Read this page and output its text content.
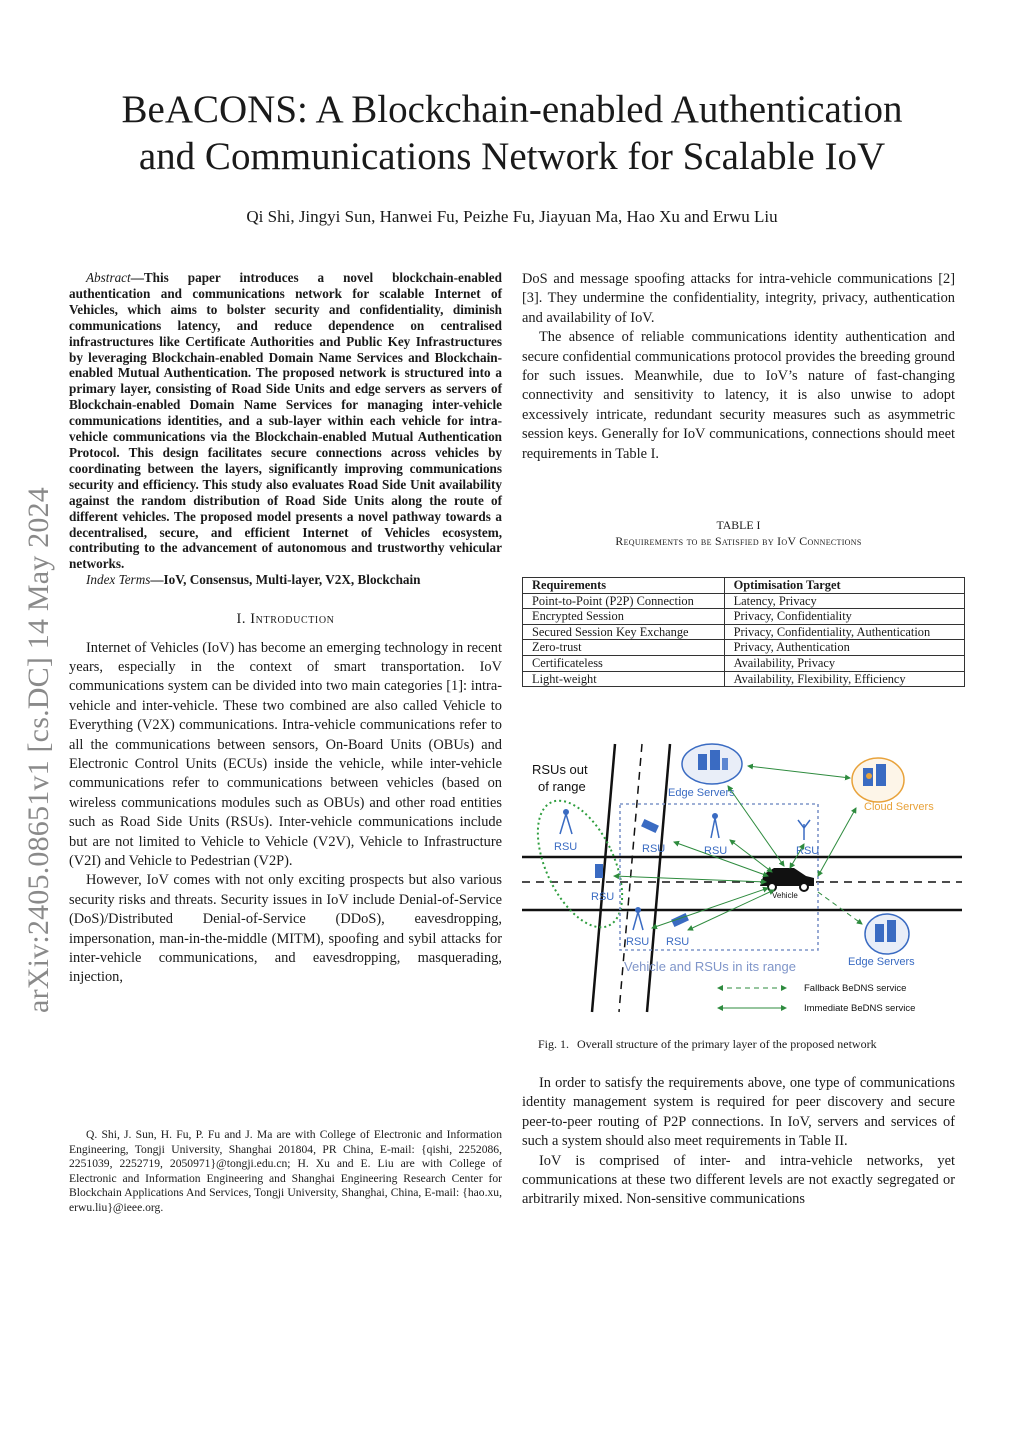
BeACONS: A Blockchain-enabled Authentication
and Communications Network for Scalable IoV

Qi Shi, Jingyi Sun, Hanwei Fu, Peizhe Fu, Jiayuan Ma, Hao Xu and Erwu Liu

arXiv:2405.08651v1 [cs.DC] 14 May 2024

Abstract—This paper introduces a novel blockchain-enabled authentication and communications network for scalable Internet of Vehicles, which aims to bolster security and confidentiality, diminish communications latency, and reduce dependence on centralised infrastructures like Certificate Authorities and Public Key Infrastructures by leveraging Blockchain-enabled Domain Name Services and Blockchain-enabled Mutual Authentication. The proposed network is structured into a primary layer, consisting of Road Side Units and edge servers as servers of Blockchain-enabled Domain Name Services for managing inter-vehicle communications identities, and a sub-layer within each vehicle for intra-vehicle communications via the Blockchain-enabled Mutual Authentication Protocol. This design facilitates secure connections across vehicles by coordinating between the layers, significantly improving communications security and efficiency. This study also evaluates Road Side Unit availability against the random distribution of Road Side Units along the route of different vehicles. The proposed model presents a novel pathway towards a decentralised, secure, and efficient Internet of Vehicles ecosystem, contributing to the advancement of autonomous and trustworthy vehicular networks.

Index Terms—IoV, Consensus, Multi-layer, V2X, Blockchain

I. Introduction

Internet of Vehicles (IoV) has become an emerging technology in recent years, especially in the context of smart transportation. IoV communications system can be divided into two main categories [1]: intra-vehicle and inter-vehicle. These two combined are also called Vehicle to Everything (V2X) communications. Intra-vehicle communications refer to all the communications between sensors, On-Board Units (OBUs) and Electronic Control Units (ECUs) inside the vehicle, while inter-vehicle communications refer to communications between vehicles (based on wireless communications modules such as OBUs) and other road entities such as Road Side Units (RSUs). Inter-vehicle communications include but are not limited to Vehicle to Vehicle (V2V), Vehicle to Infrastructure (V2I) and Vehicle to Pedestrian (V2P).

However, IoV comes with not only exciting prospects but also various security risks and threats. Security issues in IoV include Denial-of-Service (DoS)/Distributed Denial-of-Service (DDoS), eavesdropping, impersonation, man-in-the-middle (MITM), spoofing and sybil attacks for inter-vehicle communications, and eavesdropping, masquerading, injection,

Q. Shi, J. Sun, H. Fu, P. Fu and J. Ma are with College of Electronic and Information Engineering, Tongji University, Shanghai 201804, PR China, E-mail: {qishi, 2252086, 2251039, 2252719, 2050971}@tongji.edu.cn; H. Xu and E. Liu are with College of Electronic and Information Engineering and Shanghai Engineering Research Center for Blockchain Applications And Services, Tongji University, Shanghai, China, E-mail: {hao.xu, erwu.liu}@ieee.org.

DoS and message spoofing attacks for intra-vehicle communications [2][3]. They undermine the confidentiality, integrity, privacy, authentication and availability of IoV.

The absence of reliable communications identity authentication and secure confidential communications protocol provides the breeding ground for such issues. Meanwhile, due to IoV’s nature of fast-changing connectivity and sensitivity to latency, it is also unwise to adopt excessively intricate, redundant security measures such as asymmetric session keys. Generally for IoV communications, connections should meet requirements in Table I.

TABLE I
Requirements to be Satisfied by IoV Connections
Requirements	Optimisation Target
Point-to-Point (P2P) Connection	Latency, Privacy
Encrypted Session	Privacy, Confidentiality
Secured Session Key Exchange	Privacy, Confidentiality, Authentication
Zero-trust	Privacy, Authentication
Certificateless	Availability, Privacy
Light-weight	Availability, Flexibility, Efficiency
RSUs out
of range
Vehicle and RSUs in its range
Edge Servers
Cloud Servers
Edge Servers
RSU
RSU
RSU	RSU	RSU
RSU RSU
Vehicle
Fallback BeDNS service
Immediate BeDNS service
Fig. 1. Overall structure of the primary layer of the proposed network

In order to satisfy the requirements above, one type of communications identity management system is required for peer discovery and secure peer-to-peer routing of P2P connections. In IoV, servers and services of such a system should also meet requirements in Table II.

IoV is comprised of inter- and intra-vehicle networks, yet communications at these two different levels are not exactly segregated or arbitrarily mixed. Non-sensitive communications
